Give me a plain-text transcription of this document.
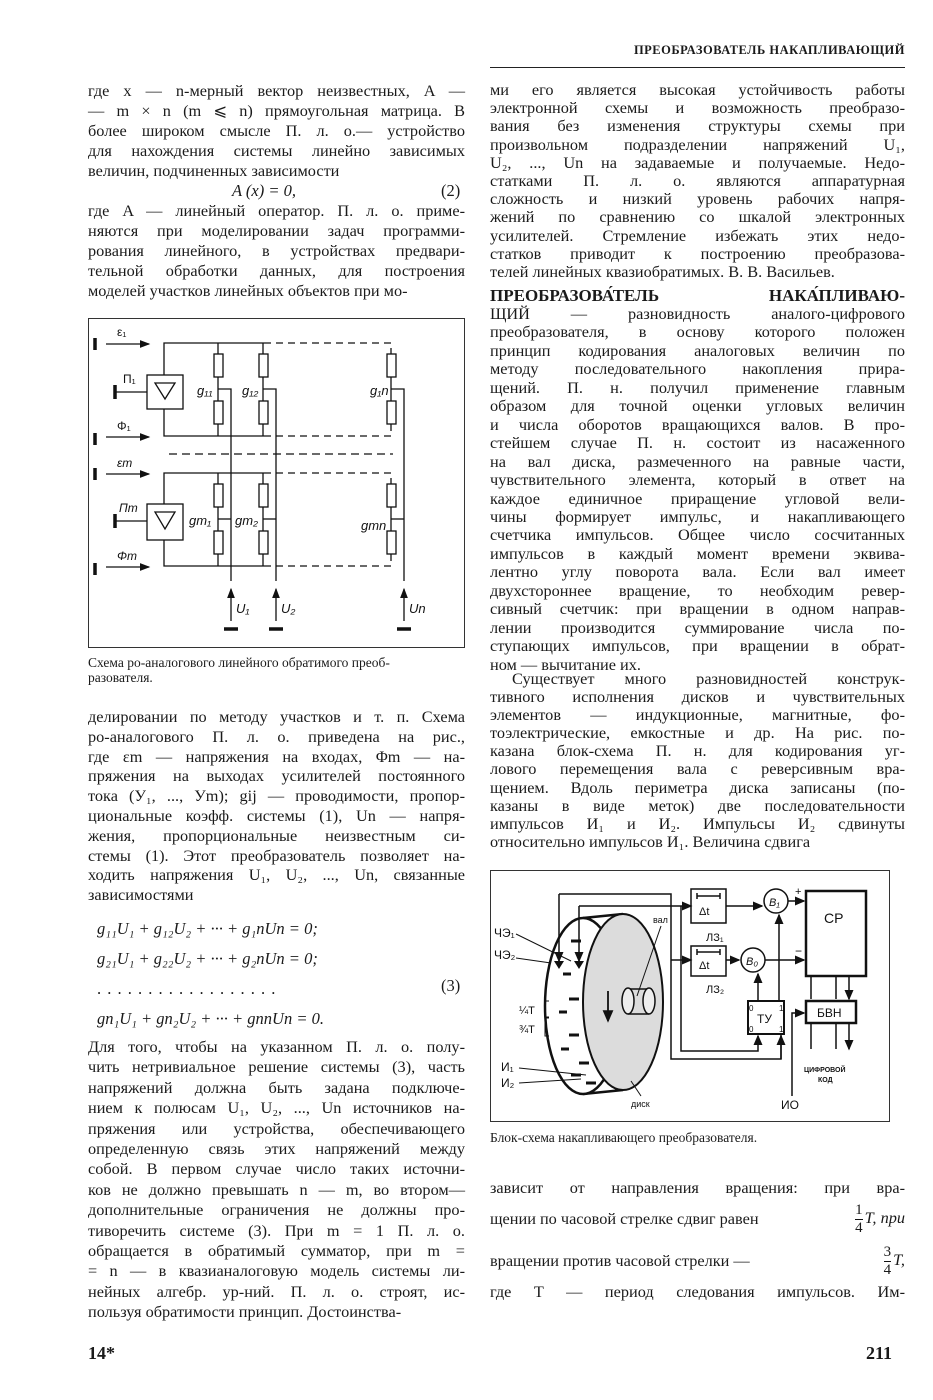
ПРЕОБРАЗОВАТЕЛЬ НАКАПЛИВАЮЩИЙ
где x — n-мерный вектор неизвестных, A —
— m × n (m ⩽ n) прямоугольная матрица. В
более широком смысле П. л. о.— устройство
для нахождения системы линейно зависимых
величин, подчиненных зависимости
A (x) = 0,	(2)
где A — линейный оператор. П. л. о. приме-
няются при моделировании задач программи-
рования линейного, в устройствах предвари-
тельной обработки данных, для построения
моделей участков линейных объектов при мо-
ε₁
П₁
Φ₁
εm
Пm
Φm
g₁₁ g₁₂	g₁n
gm₁ gm₂	gmn
U₁ U₂	Un
Схема ро-аналогового линейного обратимого преоб-
разователя.
делировании по методу участков и т. п. Схема
ро-аналогового П. л. о. приведена на рис.,
где εm — напряжения на входах, Φm — на-
пряжения на выходах усилителей постоянного
тока (У₁, ..., Уm); gij — проводимости, пропор-
циональные коэфф. системы (1), Un — напря-
жения, пропорциональные неизвестным си-
стемы (1). Этот преобразователь позволяет на-
ходить напряжения U₁, U₂, ..., Un, связанные
зависимостями
g₁₁U₁ + g₁₂U₂ + ··· + g₁nUn = 0;
g₂₁U₁ + g₂₂U₂ + ··· + g₂nUn = 0;
. . . . . . . . . . . . . . . . . .
gn₁U₁ + gn₂U₂ + ··· + gnnUn = 0.
(3)
Для того, чтобы на указанном П. л. о. полу-
чить нетривиальное решение системы (3), часть
напряжений должна быть задана подключе-
нием к полюсам U₁, U₂, ..., Un источников на-
пряжения или устройства, обеспечивающего
определенную связь этих напряжений между
собой. В первом случае число таких источни-
ков не должно превышать n — m, во втором—
дополнительные ограничения не должны про-
тиворечить системе (3). При m = 1 П. л. о.
обращается в обратимый сумматор, при m =
= n — в квазианалоговую модель системы ли-
нейных алгебр. ур-ний. П. л. о. строят, ис-
пользуя обратимости принцип. Достоинства-
14*
ми его является высокая устойчивость работы
электронной схемы и возможность преобразо-
вания без изменения структуры схемы при
произвольном подразделении напряжений U₁,
U₂, ..., Un на задаваемые и получаемые. Недо-
статками П. л. о. являются аппаратурная
сложность и низкий уровень рабочих напря-
жений по сравнению со шкалой электронных
усилителей. Стремление избежать этих недо-
статков приводит к построению преобразова-
телей линейных квазиобратимых. В. В. Васильев.
ПРЕОБРАЗОВА́ТЕЛЬ НАКА́ПЛИВАЮ-
ЩИЙ — разновидность аналого-цифрового
преобразователя, в основу которого положен
принцип кодирования аналоговых величин по
методу последовательного накопления прира-
щений. П. н. получил применение главным
образом для точной оценки угловых величин
и числа оборотов вращающихся валов. В про-
стейшем случае П. н. состоит из насаженного
на вал диска, размеченного на равные части,
чувствительного элемента, который в ответ на
каждое единичное приращение угловой вели-
чины формирует импульс, и накапливающего
счетчика импульсов. Общее число сосчитанных
импульсов в каждый момент времени эквива-
лентно углу поворота вала. Если вал имеет
двухстороннее вращение, то необходим ревер-
сивный счетчик: при вращении в одном направ-
лении производится суммирование числа по-
ступающих импульсов, при вращении в обрат-
ном — вычитание их.
Существует много разновидностей конструк-
тивного исполнения дисков и чувствительных
элементов — индукционные, магнитные, фо-
тоэлектрические, емкостные и др. На рис. по-
казана блок-схема П. н. для кодирования уг-
лового перемещения вала с реверсивным вра-
щением. Вдоль периметра диска записаны (по-
казаны в виде меток) две последовательности
импульсов И₁ и И₂. Импульсы И₂ сдвинуты
относительно импульсов И₁. Величина сдвига
ЧЭ₁
ЧЭ₂
¼T
¾T
И₁
И₂
вал
диск
Δt
Δt
ЛЗ₁
ЛЗ₂
В₁
В₀
СР
ТУ
0	1
0	1
БВН
+
−
ЦИФРОВОЙ
КОД
ИО
Блок-схема накапливающего преобразователя.
зависит от направления вращения: при вра-
щении по часовой стрелке сдвиг равен	$\frac{1}{4} T$, при
вращении против часовой стрелки —	$\frac{3}{4} T$,
где T — период следования импульсов. Им-
211
